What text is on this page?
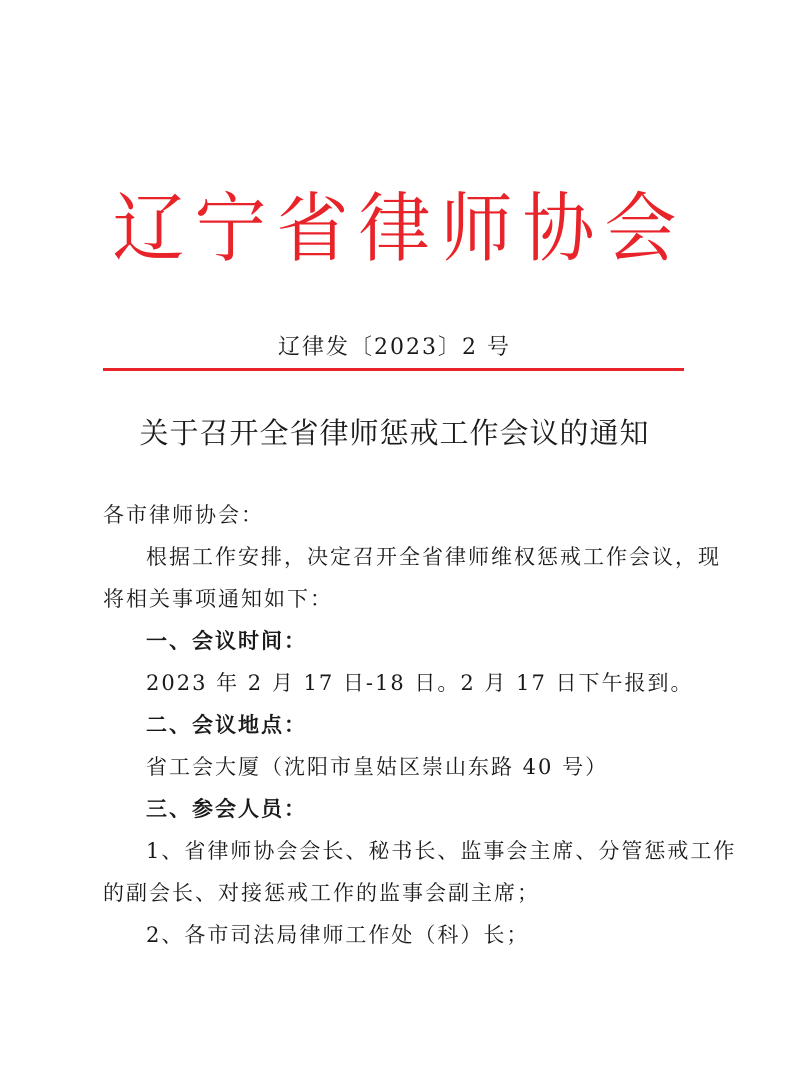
辽宁省律师协会
辽律发〔2023〕2 号
关于召开全省律师惩戒工作会议的通知

各市律师协会：

根据工作安排，决定召开全省律师维权惩戒工作会议，现

将相关事项通知如下：

一、会议时间：

2023 年 2 月 17 日-18 日。2 月 17 日下午报到。

二、会议地点：

省工会大厦（沈阳市皇姑区崇山东路 40 号）

三、参会人员：

1、省律师协会会长、秘书长、监事会主席、分管惩戒工作

的副会长、对接惩戒工作的监事会副主席；

2、各市司法局律师工作处（科）长；
